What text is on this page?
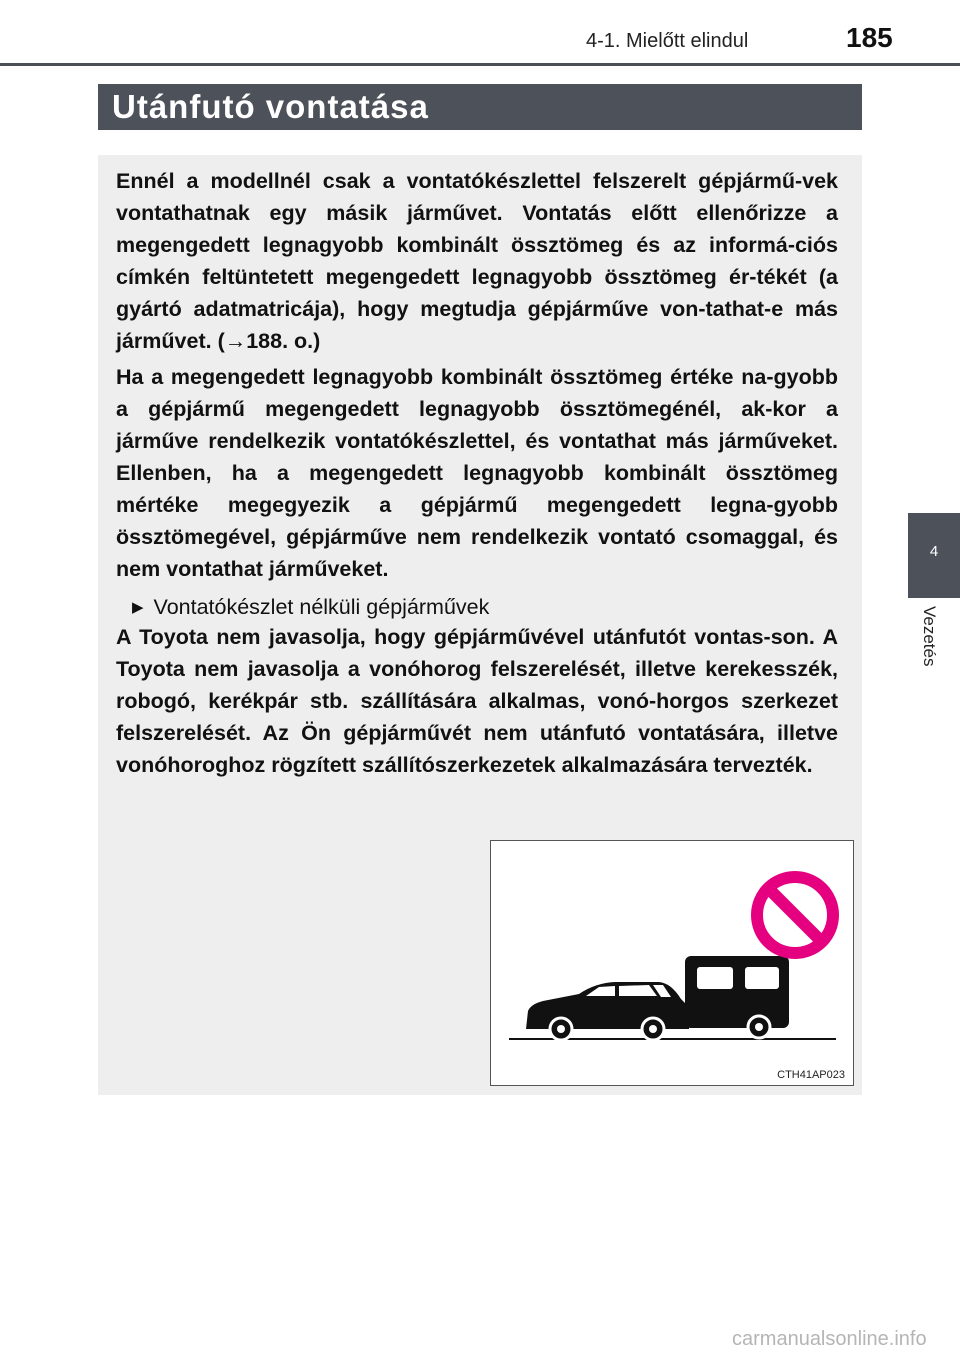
4-1. Mielőtt elindul	185
Utánfutó vontatása

Ennél a modellnél csak a vontatókészlettel felszerelt gépjármű-vek vontathatnak egy másik járművet. Vontatás előtt ellenőrizze a megengedett legnagyobb kombinált össztömeg és az informá-ciós címkén feltüntetett megengedett legnagyobb össztömeg ér-tékét (a gyártó adatmatricája), hogy megtudja gépjárműve von-tathat-e más járművet. (→188. o.)

Ha a megengedett legnagyobb kombinált össztömeg értéke na-gyobb a gépjármű megengedett legnagyobb össztömegénél, ak-kor a járműve rendelkezik vontatókészlettel, és vontathat más járműveket. Ellenben, ha a megengedett legnagyobb kombinált össztömeg mértéke megegyezik a gépjármű megengedett legna-gyobb össztömegével, gépjárműve nem rendelkezik vontató csomaggal, és nem vontathat járműveket.

▶ Vontatókészlet nélküli gépjárművek

A Toyota nem javasolja, hogy gépjárművével utánfutót vontas-son. A Toyota nem javasolja a vonóhorog felszerelését, illetve kerekesszék, robogó, kerékpár stb. szállítására alkalmas, vonó-horgos szerkezet felszerelését. Az Ön gépjárművét nem utánfutó vontatására, illetve vonóhoroghoz rögzített szállítószerkezetek alkalmazására tervezték.

CTH41AP023
4
Vezetés
carmanualsonline.info
